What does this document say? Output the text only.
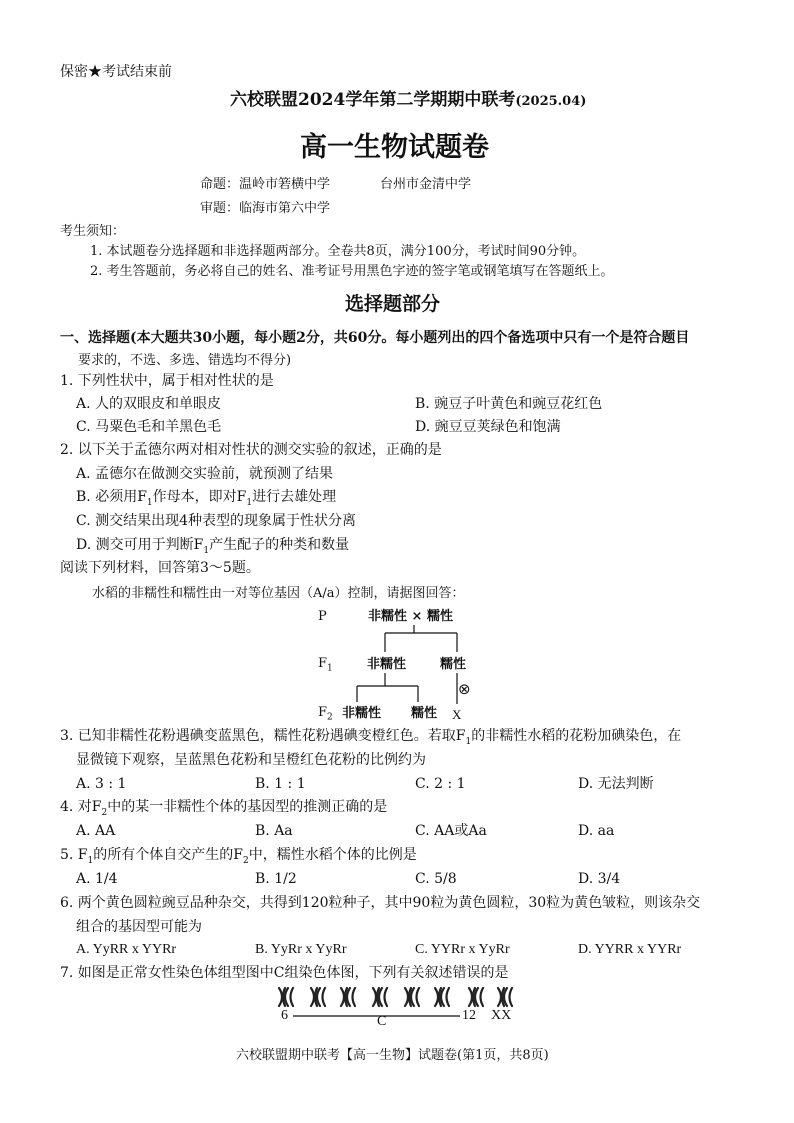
保密★考试结束前
六校联盟2024学年第二学期期中联考(2025.04)
高一生物试题卷
命题：温岭市箬横中学	台州市金清中学
审题：临海市第六中学
考生须知：
1. 本试题卷分选择题和非选择题两部分。全卷共8页，满分100分，考试时间90分钟。
2. 考生答题前，务必将自己的姓名、准考证号用黑色字迹的签字笔或钢笔填写在答题纸上。
选择题部分
一、选择题(本大题共30小题，每小题2分，共60分。每小题列出的四个备选项中只有一个是符合题目
要求的，不选、多选、错选均不得分)
1. 下列性状中，属于相对性状的是
A. 人的双眼皮和单眼皮	B. 豌豆子叶黄色和豌豆花红色
C. 马粟色毛和羊黑色毛	D. 豌豆豆荚绿色和饱满
2. 以下关于孟德尔两对相对性状的测交实验的叙述，正确的是
A. 孟德尔在做测交实验前，就预测了结果
B. 必须用$F_1$作母本，即对$F_1$进行去雄处理
C. 测交结果出现4种表型的现象属于性状分离
D. 测交可用于判断$F_1$产生配子的种类和数量
阅读下列材料，回答第3～5题。
水稻的非糯性和糯性由一对等位基因（A/a）控制，请据图回答：
P	非糯性 × 糯性
$F_1$	非糯性	糯性
⊗
$F_2$ 非糯性 糯性 X
3. 已知非糯性花粉遇碘变蓝黑色，糯性花粉遇碘变橙红色。若取$F_1$的非糯性水稻的花粉加碘染色，在
显微镜下观察，呈蓝黑色花粉和呈橙红色花粉的比例约为
A. 3 : 1	B. 1 : 1	C. 2 : 1	D. 无法判断
4. 对$F_2$中的某一非糯性个体的基因型的推测正确的是
A. AA	B. Aa	C. AA或Aa	D. aa
5. $F_1$的所有个体自交产生的$F_2$中，糯性水稻个体的比例是
A. 1/4	B. 1/2	C. 5/8	D. 3/4
6. 两个黄色圆粒豌豆品种杂交，共得到120粒种子，其中90粒为黄色圆粒，30粒为黄色皱粒，则该杂交
组合的基因型可能为
A. YyRR x YYRr	B. YyRr x YyRr	C. YYRr x YyRr	D. YYRR x YYRr
7. 如图是正常女性染色体组型图中C组染色体图，下列有关叙述错误的是
6	C	12 XX
六校联盟期中联考【高一生物】试题卷(第1页，共8页)
